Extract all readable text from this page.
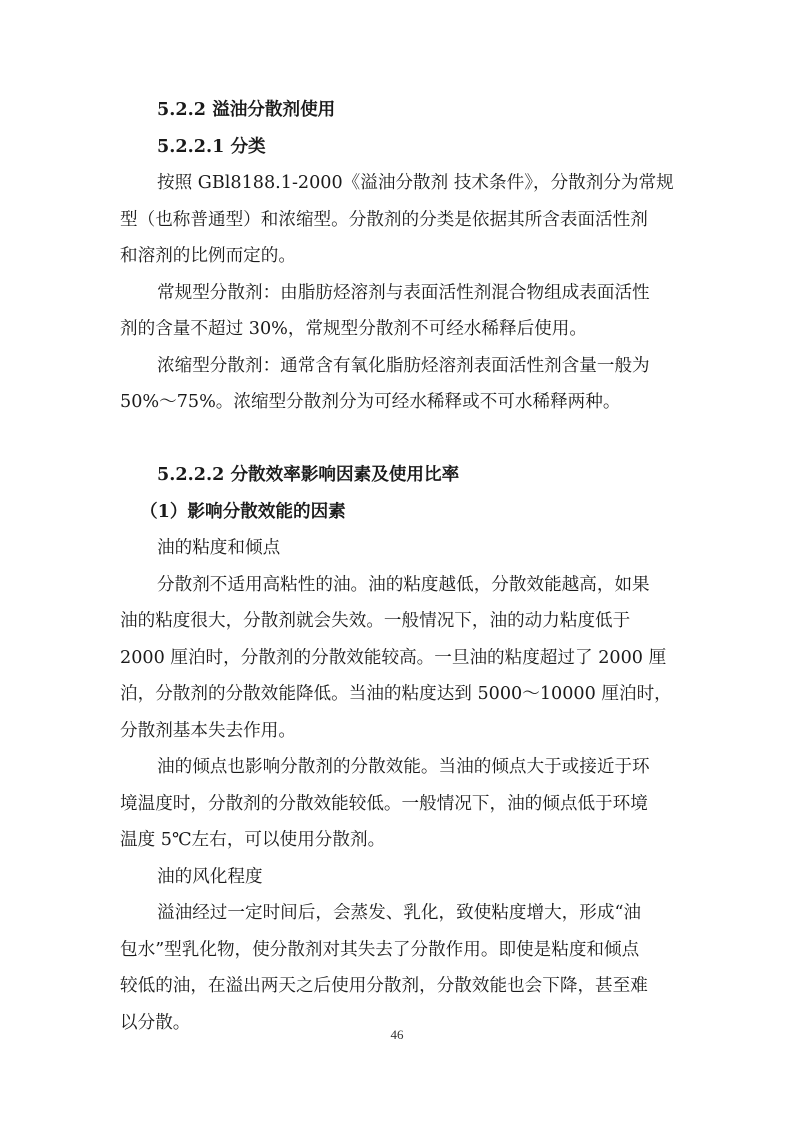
5.2.2 溢油分散剂使用
5.2.2.1 分类
按照 GBl8188.1-2000《溢油分散剂 技术条件》，分散剂分为常规
型（也称普通型）和浓缩型。分散剂的分类是依据其所含表面活性剂
和溶剂的比例而定的。
常规型分散剂：由脂肪烃溶剂与表面活性剂混合物组成表面活性
剂的含量不超过 30%，常规型分散剂不可经水稀释后使用。
浓缩型分散剂：通常含有氧化脂肪烃溶剂表面活性剂含量一般为
50%～75%。浓缩型分散剂分为可经水稀释或不可水稀释两种。
5.2.2.2 分散效率影响因素及使用比率
（1）影响分散效能的因素
油的粘度和倾点
分散剂不适用高粘性的油。油的粘度越低，分散效能越高，如果
油的粘度很大，分散剂就会失效。一般情况下，油的动力粘度低于
2000 厘泊时，分散剂的分散效能较高。一旦油的粘度超过了 2000 厘
泊，分散剂的分散效能降低。当油的粘度达到 5000～10000 厘泊时，
分散剂基本失去作用。
油的倾点也影响分散剂的分散效能。当油的倾点大于或接近于环
境温度时，分散剂的分散效能较低。一般情况下，油的倾点低于环境
温度 5℃左右，可以使用分散剂。
油的风化程度
溢油经过一定时间后，会蒸发、乳化，致使粘度增大，形成“油
包水”型乳化物，使分散剂对其失去了分散作用。即使是粘度和倾点
较低的油，在溢出两天之后使用分散剂，分散效能也会下降，甚至难
以分散。
46
